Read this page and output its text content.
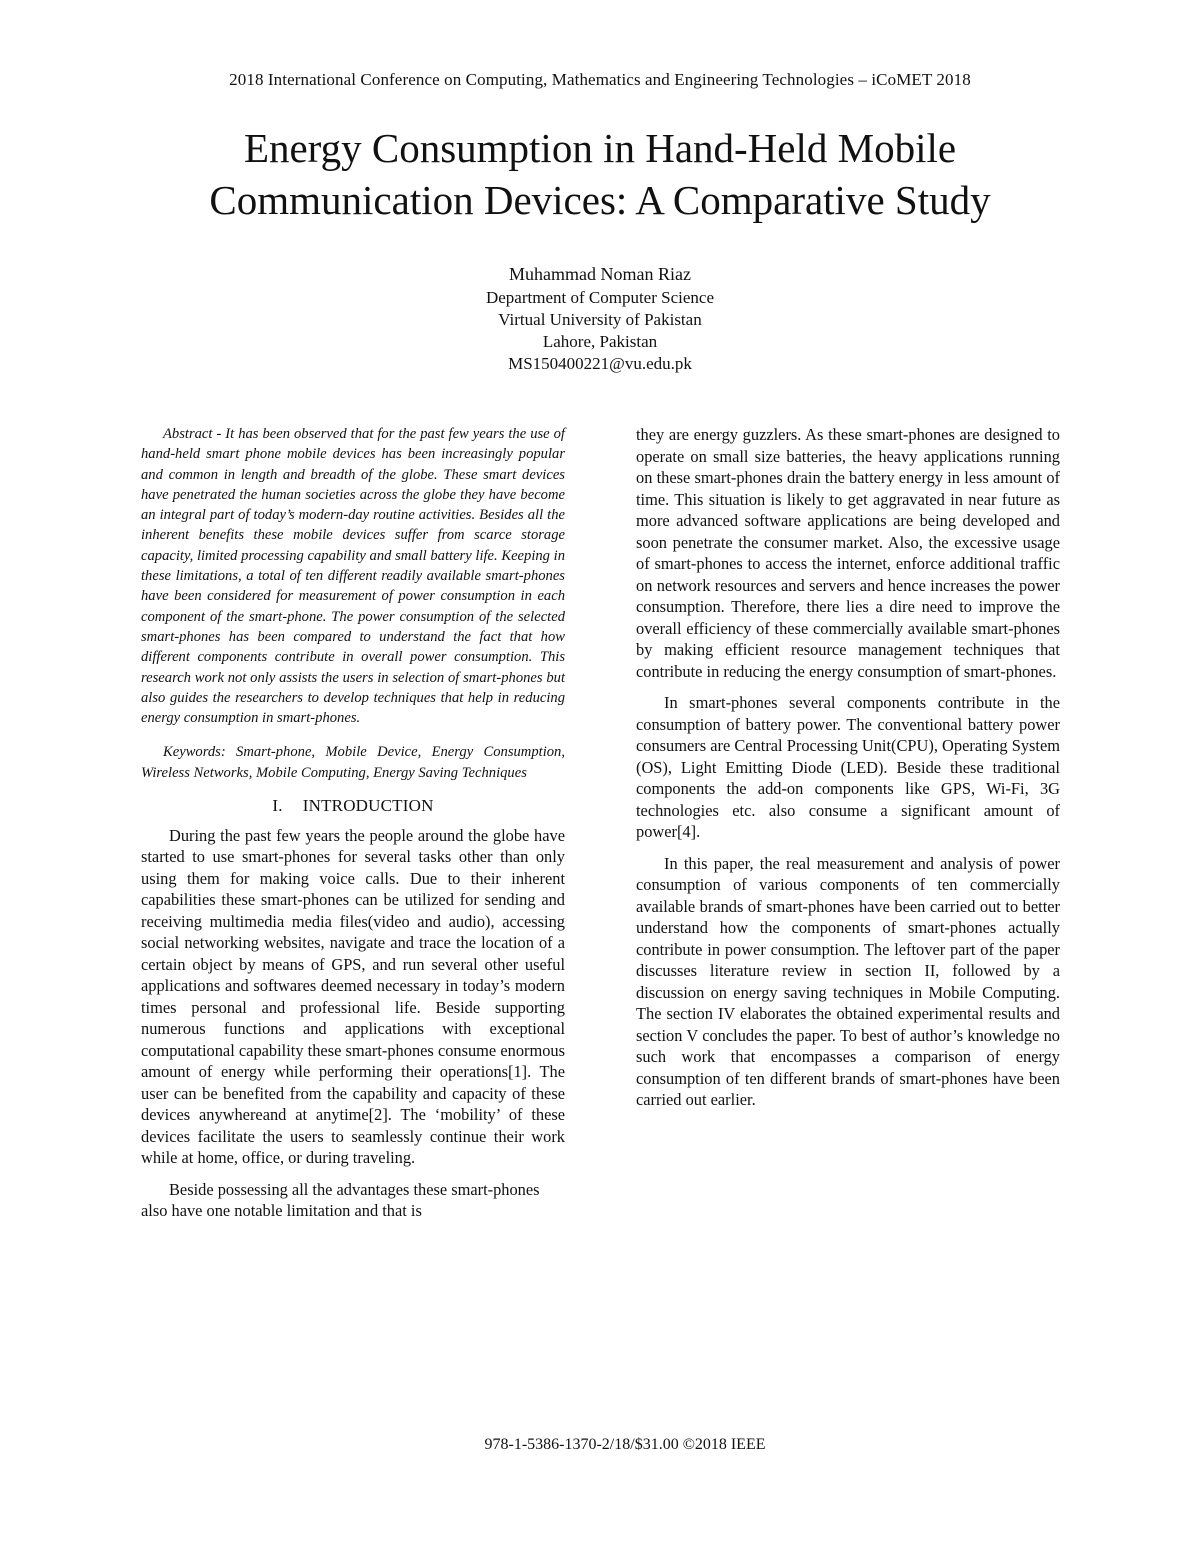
2018 International Conference on Computing, Mathematics and Engineering Technologies – iCoMET 2018
Energy Consumption in Hand-Held Mobile
Communication Devices: A Comparative Study
Muhammad Noman Riaz
Department of Computer Science
Virtual University of Pakistan
Lahore, Pakistan
MS150400221@vu.edu.pk

Abstract - It has been observed that for the past few years the use of hand-held smart phone mobile devices has been increasingly popular and common in length and breadth of the globe. These smart devices have penetrated the human societies across the globe they have become an integral part of today’s modern-day routine activities. Besides all the inherent benefits these mobile devices suffer from scarce storage capacity, limited processing capability and small battery life. Keeping in these limitations, a total of ten different readily available smart-phones have been considered for measurement of power consumption in each component of the smart-phone. The power consumption of the selected smart-phones has been compared to understand the fact that how different components contribute in overall power consumption. This research work not only assists the users in selection of smart-phones but also guides the researchers to develop techniques that help in reducing energy consumption in smart-phones.

Keywords: Smart-phone, Mobile Device, Energy Consumption, Wireless Networks, Mobile Computing, Energy Saving Techniques

I. INTRODUCTION

During the past few years the people around the globe have started to use smart-phones for several tasks other than only using them for making voice calls. Due to their inherent capabilities these smart-phones can be utilized for sending and receiving multimedia media files(video and audio), accessing social networking websites, navigate and trace the location of a certain object by means of GPS, and run several other useful applications and softwares deemed necessary in today’s modern times personal and professional life. Beside supporting numerous functions and applications with exceptional computational capability these smart-phones consume enormous amount of energy while performing their operations[1]. The user can be benefited from the capability and capacity of these devices anywhereand at anytime[2]. The ‘mobility’ of these devices facilitate the users to seamlessly continue their work while at home, office, or during traveling.

Beside possessing all the advantages these smart-phones also have one notable limitation and that is

they are energy guzzlers. As these smart-phones are designed to operate on small size batteries, the heavy applications running on these smart-phones drain the battery energy in less amount of time. This situation is likely to get aggravated in near future as more advanced software applications are being developed and soon penetrate the consumer market. Also, the excessive usage of smart-phones to access the internet, enforce additional traffic on network resources and servers and hence increases the power consumption. Therefore, there lies a dire need to improve the overall efficiency of these commercially available smart-phones by making efficient resource management techniques that contribute in reducing the energy consumption of smart-phones.

In smart-phones several components contribute in the consumption of battery power. The conventional battery power consumers are Central Processing Unit(CPU), Operating System (OS), Light Emitting Diode (LED). Beside these traditional components the add-on components like GPS, Wi-Fi, 3G technologies etc. also consume a significant amount of power[4].

In this paper, the real measurement and analysis of power consumption of various components of ten commercially available brands of smart-phones have been carried out to better understand how the components of smart-phones actually contribute in power consumption. The leftover part of the paper discusses literature review in section II, followed by a discussion on energy saving techniques in Mobile Computing. The section IV elaborates the obtained experimental results and section V concludes the paper. To best of author’s knowledge no such work that encompasses a comparison of energy consumption of ten different brands of smart-phones have been carried out earlier.

978-1-5386-1370-2/18/$31.00 ©2018 IEEE
